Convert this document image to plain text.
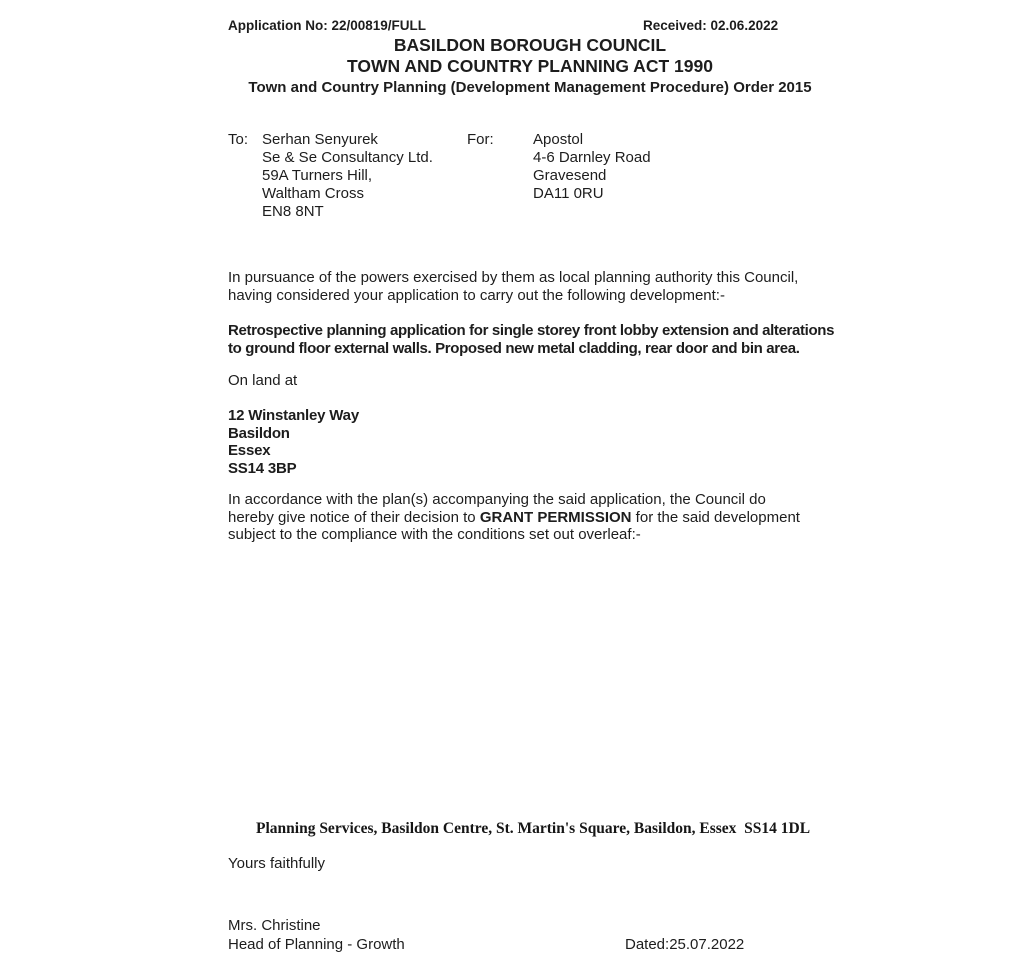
Application No: 22/00819/FULL	Received: 02.06.2022
BASILDON BOROUGH COUNCIL
TOWN AND COUNTRY PLANNING ACT 1990
Town and Country Planning (Development Management Procedure) Order 2015
To: Serhan Senyurek
Se & Se Consultancy Ltd.
59A Turners Hill,
Waltham Cross
EN8 8NT
For:	Apostol
4-6 Darnley Road
Gravesend
DA11 0RU
In pursuance of the powers exercised by them as local planning authority this Council,
having considered your application to carry out the following development:-
Retrospective planning application for single storey front lobby extension and alterations
to ground floor external walls. Proposed new metal cladding, rear door and bin area.
On land at
12 Winstanley Way
Basildon
Essex
SS14 3BP
In accordance with the plan(s) accompanying the said application, the Council do
hereby give notice of their decision to GRANT PERMISSION for the said development
subject to the compliance with the conditions set out overleaf:-
Planning Services, Basildon Centre, St. Martin's Square, Basildon, Essex  SS14 1DL
Yours faithfully
Mrs. Christine
Head of Planning - Growth	Dated:25.07.2022
